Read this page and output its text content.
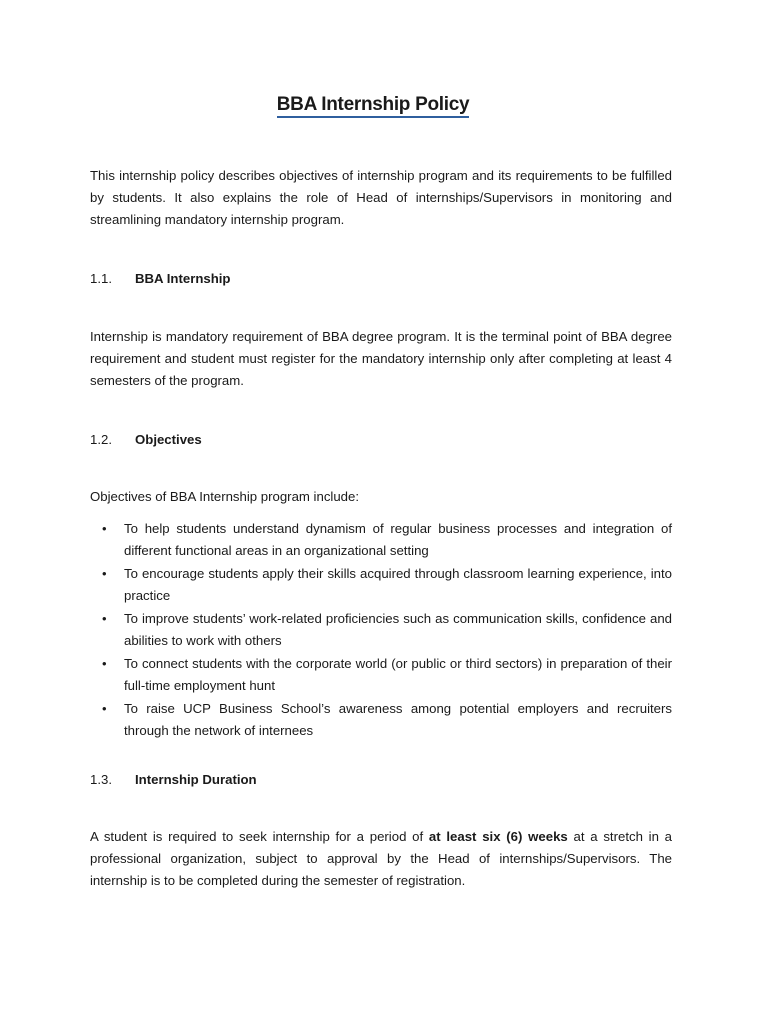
BBA Internship Policy

This internship policy describes objectives of internship program and its requirements to be fulfilled by students. It also explains the role of Head of internships/Supervisors in monitoring and streamlining mandatory internship program.

1.1. BBA Internship

Internship is mandatory requirement of BBA degree program. It is the terminal point of BBA degree requirement and student must register for the mandatory internship only after completing at least 4 semesters of the program.

1.2. Objectives

Objectives of BBA Internship program include:

• To help students understand dynamism of regular business processes and integration of different functional areas in an organizational setting
• To encourage students apply their skills acquired through classroom learning experience, into practice
• To improve students’ work-related proficiencies such as communication skills, confidence and abilities to work with others
• To connect students with the corporate world (or public or third sectors) in preparation of their full-time employment hunt
• To raise UCP Business School’s awareness among potential employers and recruiters through the network of internees
1.3. Internship Duration

A student is required to seek internship for a period of at least six (6) weeks at a stretch in a professional organization, subject to approval by the Head of internships/Supervisors. The internship is to be completed during the semester of registration.
